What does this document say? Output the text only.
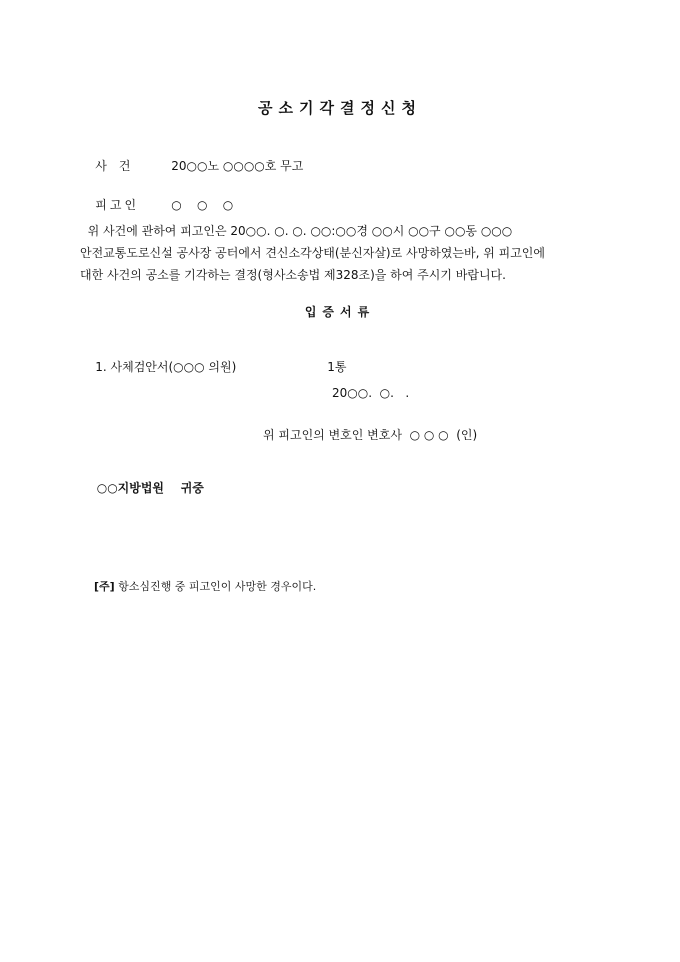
공소기각결정신청

사건 20○○노 ○○○○호 무고

피고인	○    ○    ○

위 사건에 관하여 피고인은 20○○. ○. ○. ○○:○○경 ○○시 ○○구 ○○동 ○○○
안전교통도로신설 공사장 공터에서 견신소각상태(분신자살)로 사망하였는바, 위 피고인에
대한 사건의 공소를 기각하는 결정(형사소송법 제328조)을 하여 주시기 바랍니다.
입증서류

1. 사체검안서(○○○ 의원)	1통

20○○.  ○.   .
위 피고인의 변호인 변호사  ○ ○ ○  (인)

○○지방법원 귀중

[주] 항소심진행 중 피고인이 사망한 경우이다.
